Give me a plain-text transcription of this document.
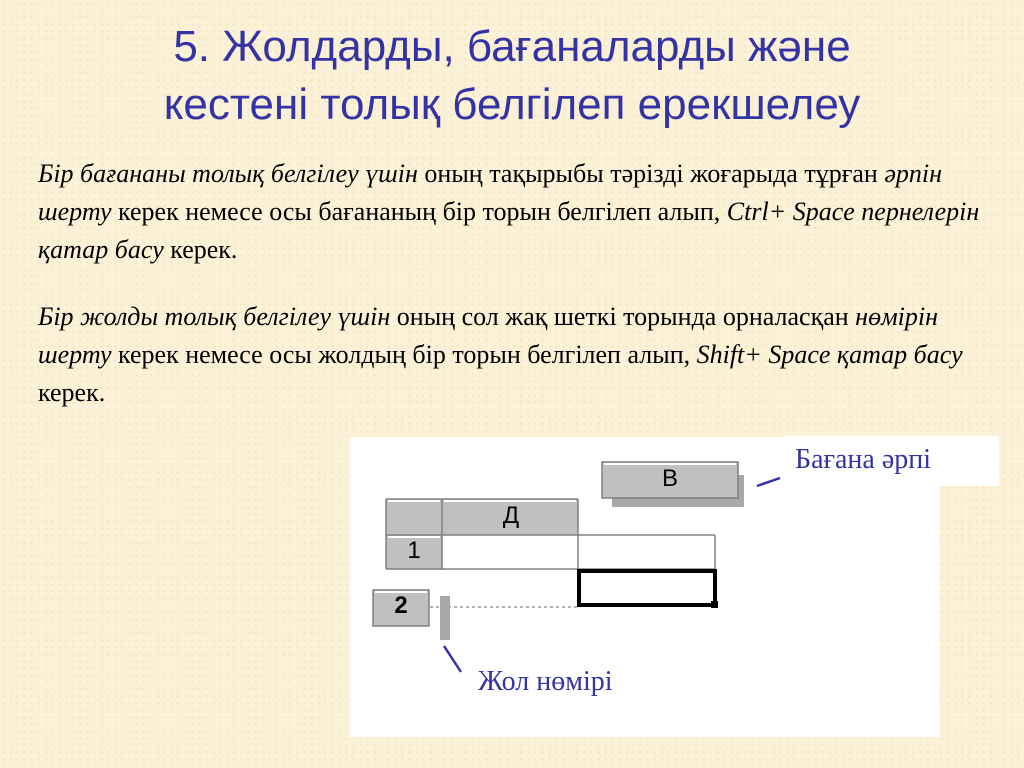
5. Жолдарды, бағаналарды және
кестені толық белгілеп ерекшелеу

Бір бағананы толық белгілеу үшін оның тақырыбы тәрізді жоғарыда тұрған әрпін шерту керек немесе осы бағананың бір торын белгілеп алып, Ctrl+ Space пернелерін қатар басу керек.

Бір жолды толық белгілеу үшін оның сол жақ шеткі торында орналасқан нөмірін шерту керек немесе осы жолдың бір торын белгілеп алып, Shift+ Space қатар басу керек.

Д
1
2
B
Бағана әрпі
Жол нөмірі
